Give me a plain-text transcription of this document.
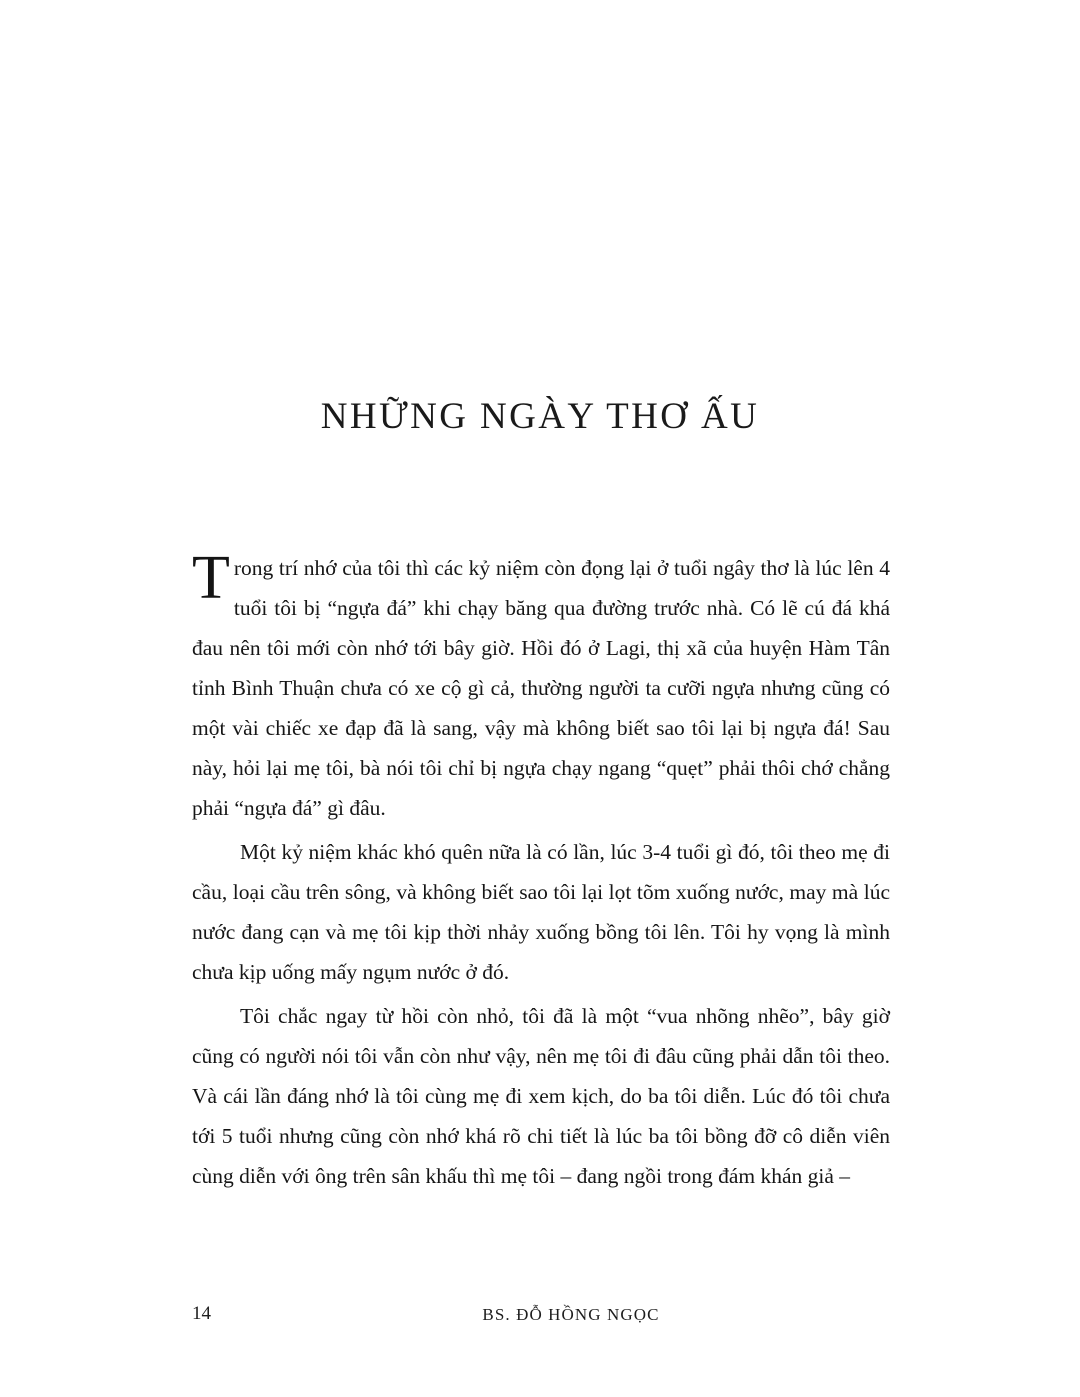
NHỮNG NGÀY THƠ ẤU

Trong trí nhớ của tôi thì các kỷ niệm còn đọng lại ở tuổi ngây thơ là lúc lên 4 tuổi tôi bị “ngựa đá” khi chạy băng qua đường trước nhà. Có lẽ cú đá khá đau nên tôi mới còn nhớ tới bây giờ. Hồi đó ở Lagi, thị xã của huyện Hàm Tân tỉnh Bình Thuận chưa có xe cộ gì cả, thường người ta cưỡi ngựa nhưng cũng có một vài chiếc xe đạp đã là sang, vậy mà không biết sao tôi lại bị ngựa đá! Sau này, hỏi lại mẹ tôi, bà nói tôi chỉ bị ngựa chạy ngang “quẹt” phải thôi chớ chẳng phải “ngựa đá” gì đâu.

Một kỷ niệm khác khó quên nữa là có lần, lúc 3-4 tuổi gì đó, tôi theo mẹ đi cầu, loại cầu trên sông, và không biết sao tôi lại lọt tõm xuống nước, may mà lúc nước đang cạn và mẹ tôi kịp thời nhảy xuống bồng tôi lên. Tôi hy vọng là mình chưa kịp uống mấy ngụm nước ở đó.

Tôi chắc ngay từ hồi còn nhỏ, tôi đã là một “vua nhõng nhẽo”, bây giờ cũng có người nói tôi vẫn còn như vậy, nên mẹ tôi đi đâu cũng phải dẫn tôi theo. Và cái lần đáng nhớ là tôi cùng mẹ đi xem kịch, do ba tôi diễn. Lúc đó tôi chưa tới 5 tuổi nhưng cũng còn nhớ khá rõ chi tiết là lúc ba tôi bồng đỡ cô diễn viên cùng diễn với ông trên sân khấu thì mẹ tôi – đang ngồi trong đám khán giả –

14	BS. ĐỖ HỒNG NGỌC
